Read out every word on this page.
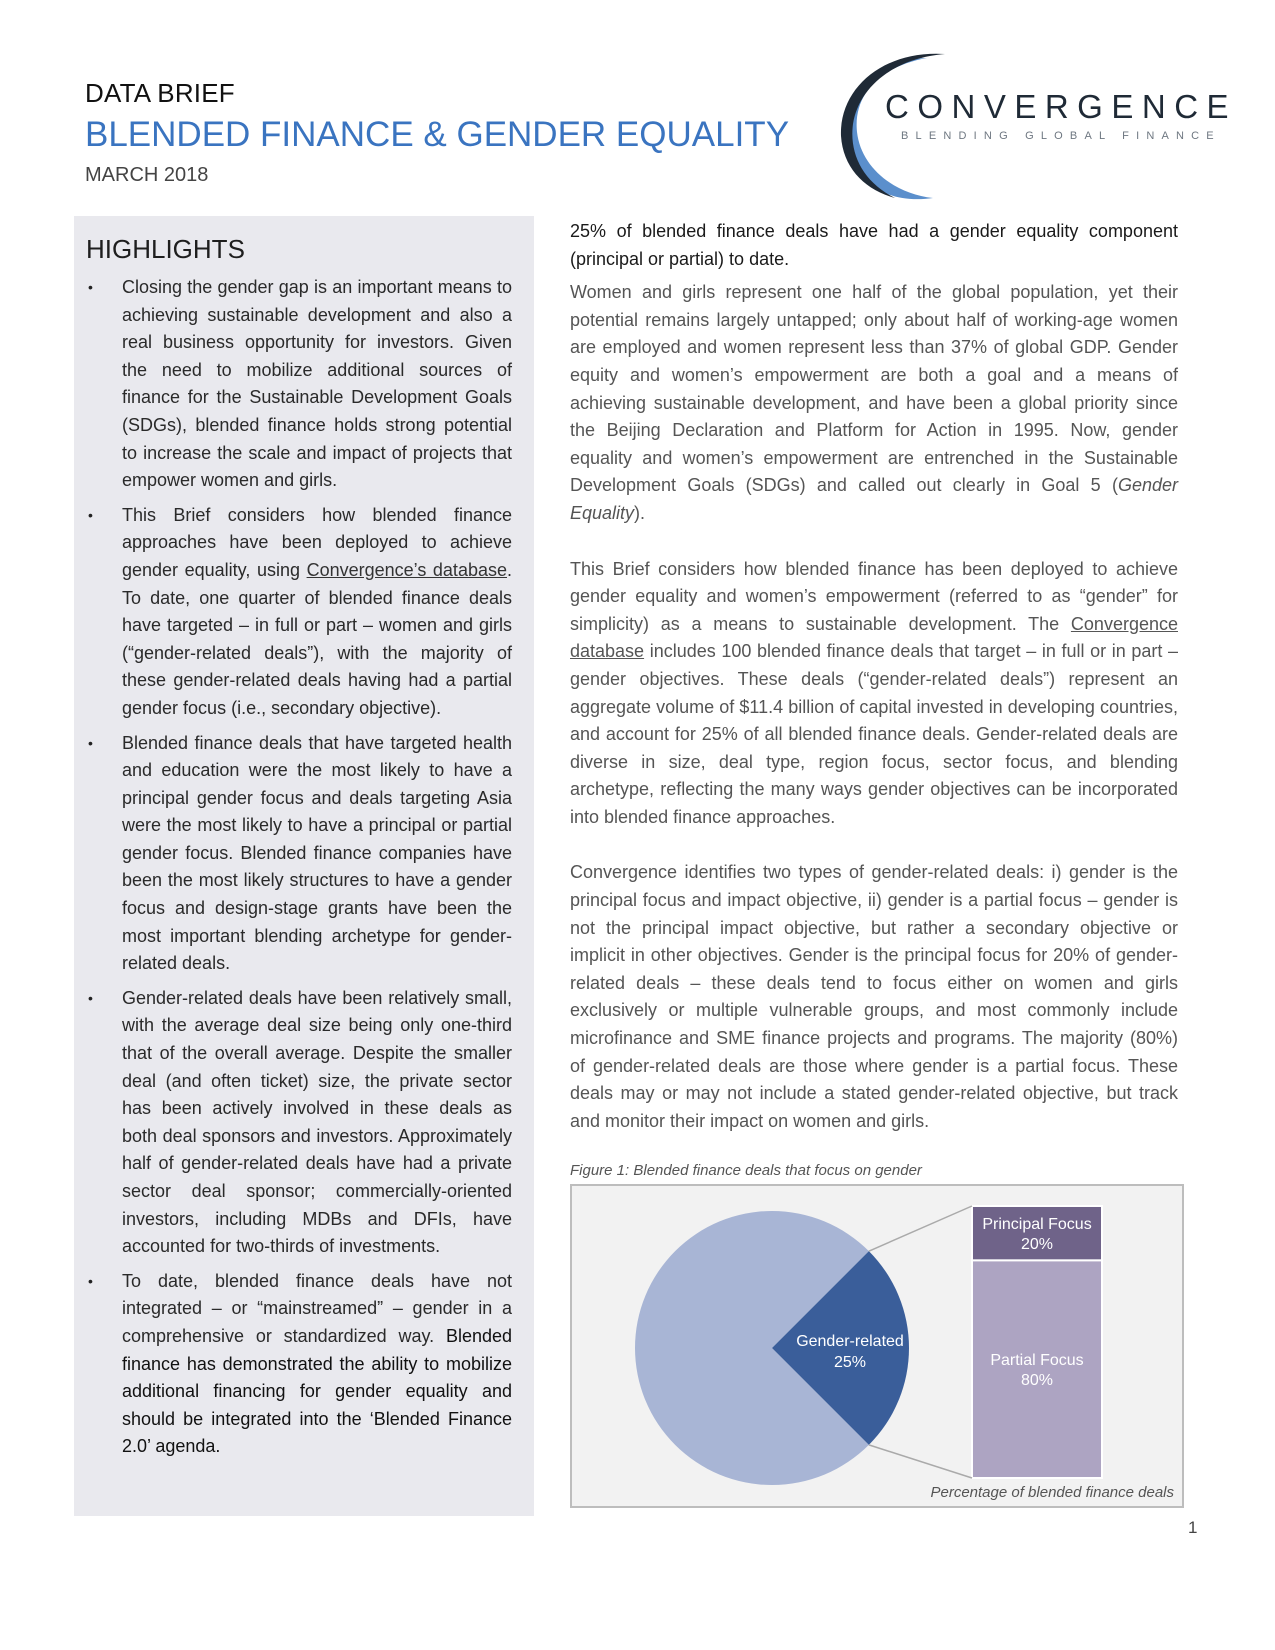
DATA BRIEF
BLENDED FINANCE & GENDER EQUALITY
MARCH 2018
CONVERGENCE
BLENDING GLOBAL FINANCE
HIGHLIGHTS
• Closing the gender gap is an important means to achieving sustainable development and also a real business opportunity for investors. Given the need to mobilize additional sources of finance for the Sustainable Development Goals (SDGs), blended finance holds strong potential to increase the scale and impact of projects that empower women and girls.
• This Brief considers how blended finance approaches have been deployed to achieve gender equality, using Convergence’s database. To date, one quarter of blended finance deals have targeted – in full or part – women and girls (“gender-related deals”), with the majority of these gender-related deals having had a partial gender focus (i.e., secondary objective).
• Blended finance deals that have targeted health and education were the most likely to have a principal gender focus and deals targeting Asia were the most likely to have a principal or partial gender focus. Blended finance companies have been the most likely structures to have a gender focus and design-stage grants have been the most important blending archetype for gender-related deals.
• Gender-related deals have been relatively small, with the average deal size being only one-third that of the overall average. Despite the smaller deal (and often ticket) size, the private sector has been actively involved in these deals as both deal sponsors and investors. Approximately half of gender-related deals have had a private sector deal sponsor; commercially-oriented investors, including MDBs and DFIs, have accounted for two-thirds of investments.
• To date, blended finance deals have not integrated – or “mainstreamed” – gender in a comprehensive or standardized way. Blended finance has demonstrated the ability to mobilize additional financing for gender equality and should be integrated into the ‘Blended Finance 2.0’ agenda.

25% of blended finance deals have had a gender equality component (principal or partial) to date.

Women and girls represent one half of the global population, yet their potential remains largely untapped; only about half of working-age women are employed and women represent less than 37% of global GDP. Gender equity and women’s empowerment are both a goal and a means of achieving sustainable development, and have been a global priority since the Beijing Declaration and Platform for Action in 1995. Now, gender equality and women’s empowerment are entrenched in the Sustainable Development Goals (SDGs) and called out clearly in Goal 5 (Gender Equality).

This Brief considers how blended finance has been deployed to achieve gender equality and women’s empowerment (referred to as “gender” for simplicity) as a means to sustainable development. The Convergence database includes 100 blended finance deals that target – in full or in part – gender objectives. These deals (“gender-related deals”) represent an aggregate volume of $11.4 billion of capital invested in developing countries, and account for 25% of all blended finance deals. Gender-related deals are diverse in size, deal type, region focus, sector focus, and blending archetype, reflecting the many ways gender objectives can be incorporated into blended finance approaches.

Convergence identifies two types of gender-related deals: i) gender is the principal focus and impact objective, ii) gender is a partial focus – gender is not the principal impact objective, but rather a secondary objective or implicit in other objectives. Gender is the principal focus for 20% of gender-related deals – these deals tend to focus either on women and girls exclusively or multiple vulnerable groups, and most commonly include microfinance and SME finance projects and programs. The majority (80%) of gender-related deals are those where gender is a partial focus. These deals may or may not include a stated gender-related objective, but track and monitor their impact on women and girls.

Figure 1: Blended finance deals that focus on gender
Gender-related
25%
Principal Focus
20%
Partial Focus
80%
Percentage of blended finance deals
1
